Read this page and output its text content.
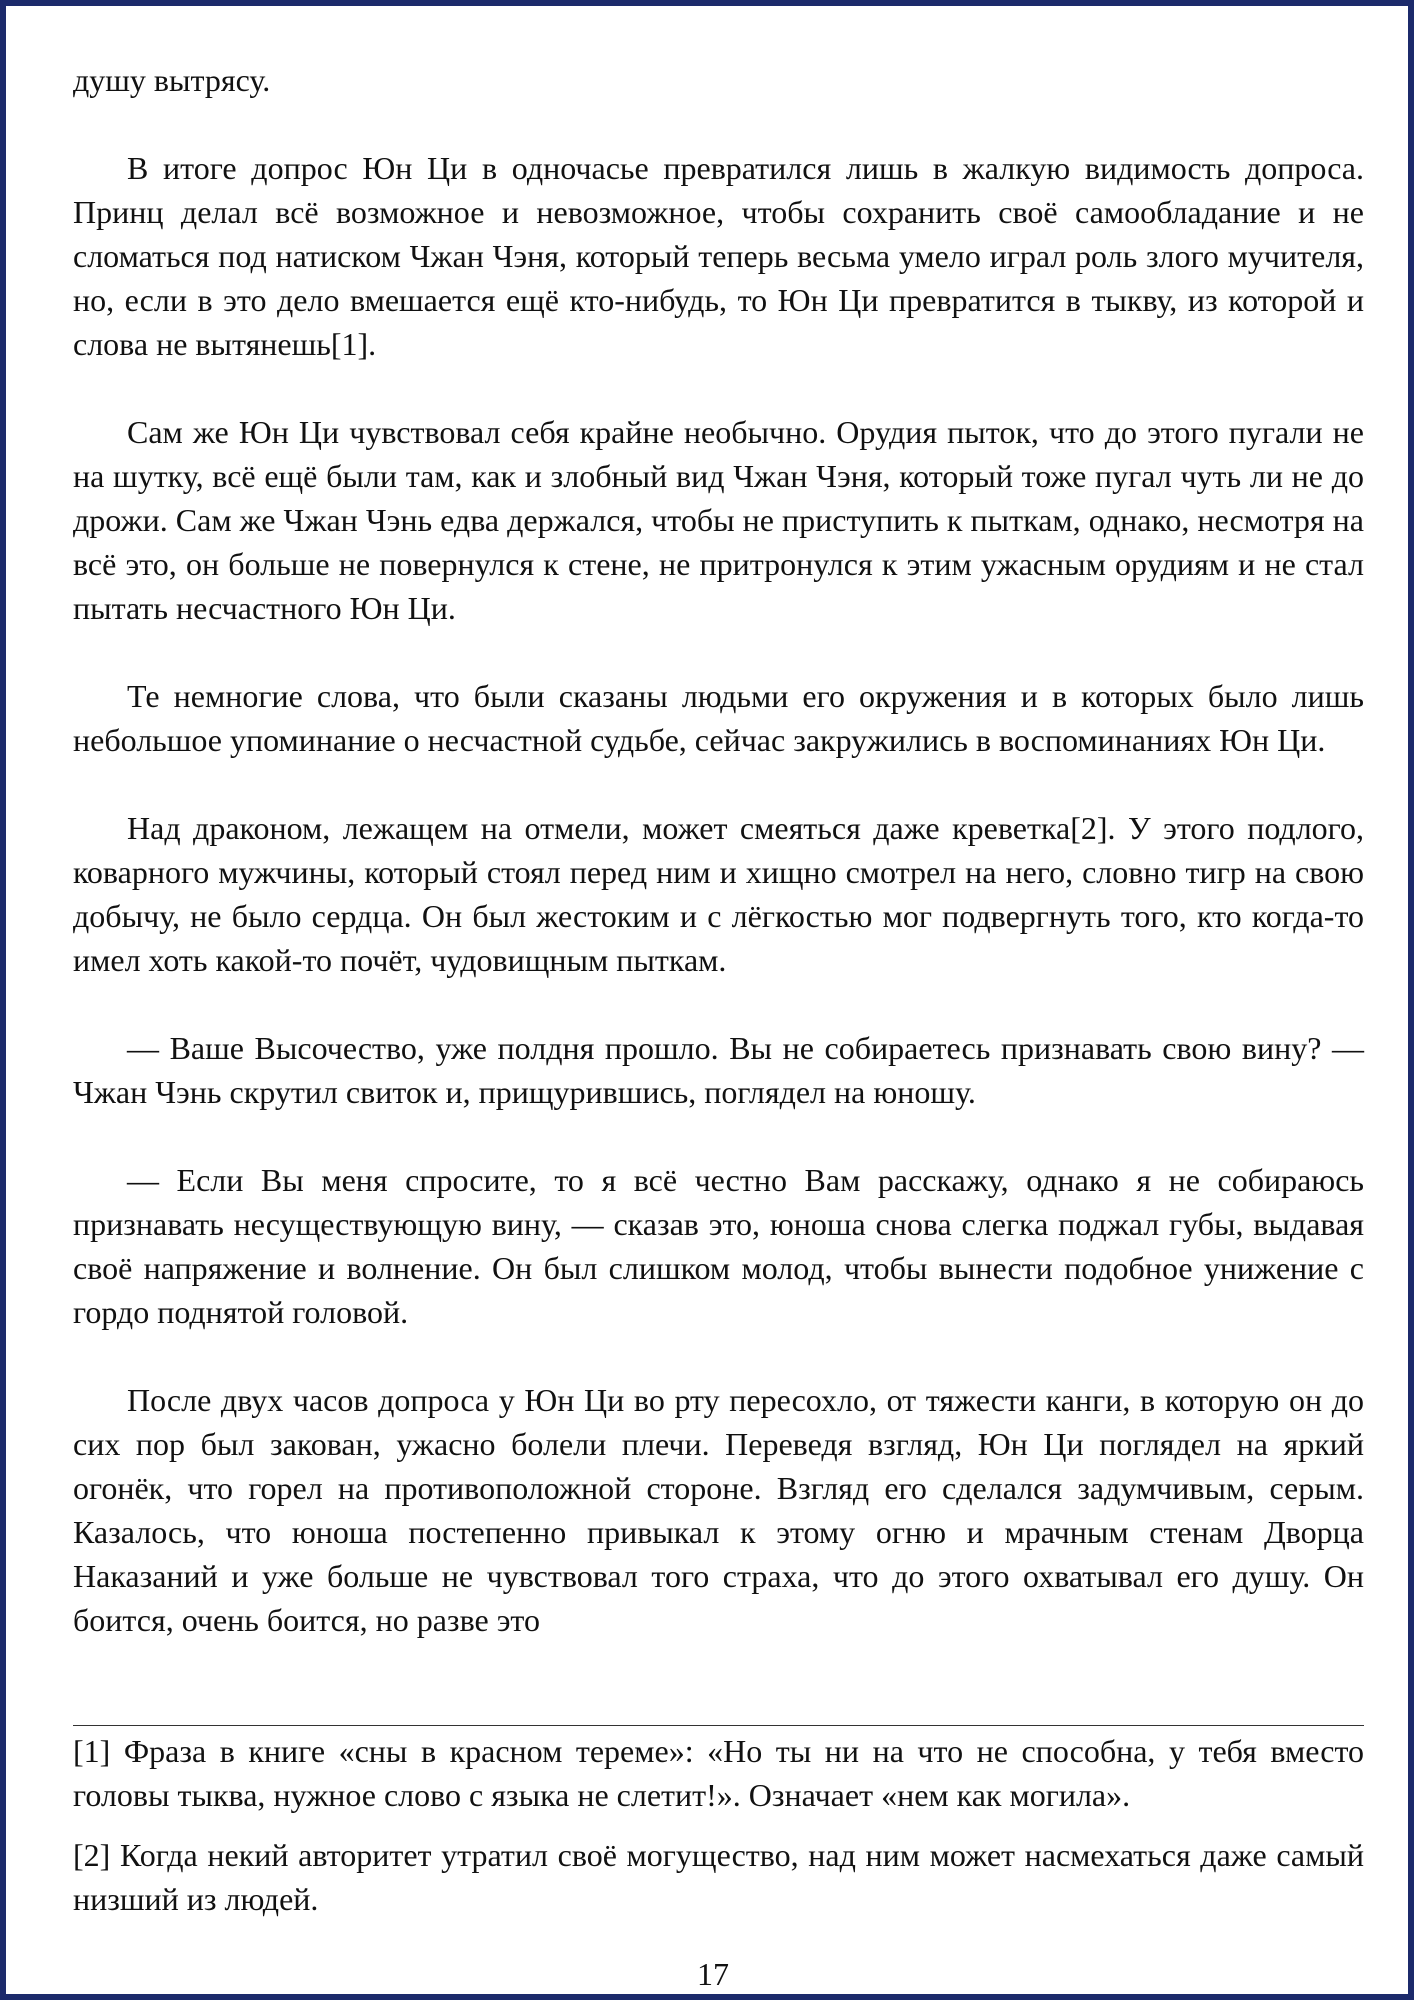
душу вытрясу.

В итоге допрос Юн Ци в одночасье превратился лишь в жалкую видимость допроса. Принц делал всё возможное и невозможное, чтобы сохранить своё самообладание и не сломаться под натиском Чжан Чэня, который теперь весьма умело играл роль злого мучителя, но, если в это дело вмешается ещё кто-нибудь, то Юн Ци превратится в тыкву, из которой и слова не вытянешь[1].

Сам же Юн Ци чувствовал себя крайне необычно. Орудия пыток, что до этого пугали не на шутку, всё ещё были там, как и злобный вид Чжан Чэня, который тоже пугал чуть ли не до дрожи. Сам же Чжан Чэнь едва держался, чтобы не приступить к пыткам, однако, несмотря на всё это, он больше не повернулся к стене, не притронулся к этим ужасным орудиям и не стал пытать несчастного Юн Ци.

Те немногие слова, что были сказаны людьми его окружения и в которых было лишь небольшое упоминание о несчастной судьбе, сейчас закружились в воспоминаниях Юн Ци.

Над драконом, лежащем на отмели, может смеяться даже креветка[2]. У этого подлого, коварного мужчины, который стоял перед ним и хищно смотрел на него, словно тигр на свою добычу, не было сердца. Он был жестоким и с лёгкостью мог подвергнуть того, кто когда-то имел хоть какой-то почёт, чудовищным пыткам.

— Ваше Высочество, уже полдня прошло. Вы не собираетесь признавать свою вину? — Чжан Чэнь скрутил свиток и, прищурившись, поглядел на юношу.

— Если Вы меня спросите, то я всё честно Вам расскажу, однако я не собираюсь признавать несуществующую вину, — сказав это, юноша снова слегка поджал губы, выдавая своё напряжение и волнение. Он был слишком молод, чтобы вынести подобное унижение с гордо поднятой головой.

После двух часов допроса у Юн Ци во рту пересохло, от тяжести канги, в которую он до сих пор был закован, ужасно болели плечи. Переведя взгляд, Юн Ци поглядел на яркий огонёк, что горел на противоположной стороне. Взгляд его сделался задумчивым, серым. Казалось, что юноша постепенно привыкал к этому огню и мрачным стенам Дворца Наказаний и уже больше не чувствовал того страха, что до этого охватывал его душу. Он боится, очень боится, но разве это

[1] Фраза в книге «сны в красном тереме»: «Но ты ни на что не способна, у тебя вместо головы тыква, нужное слово с языка не слетит!». Означает «нем как могила».

[2] Когда некий авторитет утратил своё могущество, над ним может насмехаться даже самый низший из людей.

17
